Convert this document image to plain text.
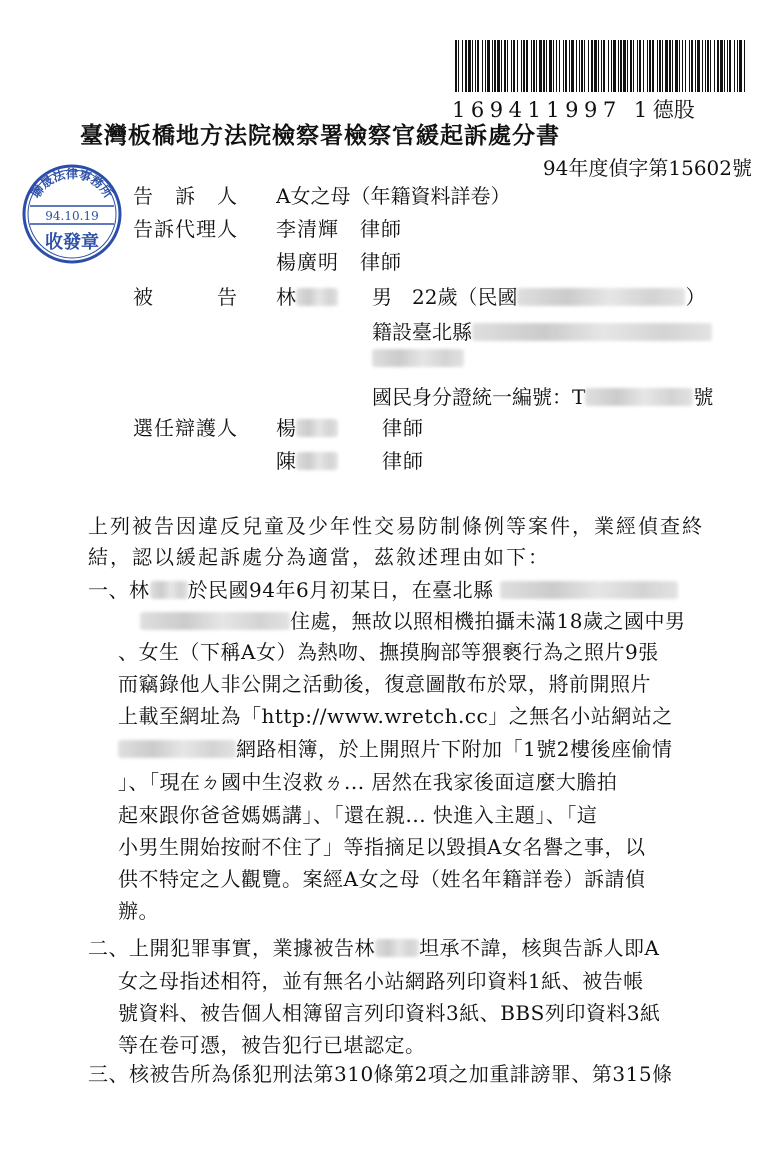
169411997 1德股
臺灣板橋地方法院檢察署檢察官緩起訴處分書
94年度偵字第15602號
聯晟法律事務所
94.10.19
收發章
告　訴　人 A女之母（年籍資料詳卷）
告訴代理人 李清輝　律師
楊廣明　律師
被　　　告 林	男　22歲（民國	）
籍設臺北縣
國民身分證統一編號：T	號
選任辯護人 楊	律師
陳	律師
上列被告因違反兒童及少年性交易防制條例等案件，業經偵查終
結，認以緩起訴處分為適當，茲敘述理由如下：
一、林 於民國94年6月初某日，在臺北縣
住處，無故以照相機拍攝未滿18歲之國中男
、女生（下稱A女）為熱吻、撫摸胸部等猥褻行為之照片9張
而竊錄他人非公開之活動後，復意圖散布於眾，將前開照片
上載至網址為「http://www.wretch.cc」之無名小站網站之
網路相簿，於上開照片下附加「1號2樓後座偷情
」、「現在ㄉ國中生沒救ㄌ... 居然在我家後面這麼大膽拍
起來跟你爸爸媽媽講」、「還在親... 快進入主題」、「這
小男生開始按耐不住了」等指摘足以毀損A女名譽之事，以
供不特定之人觀覽。案經A女之母（姓名年籍詳卷）訴請偵
辦。
二、上開犯罪事實，業據被告林 坦承不諱，核與告訴人即A
女之母指述相符，並有無名小站網路列印資料1紙、被告帳
號資料、被告個人相簿留言列印資料3紙、BBS列印資料3紙
等在卷可憑，被告犯行已堪認定。
三、核被告所為係犯刑法第310條第2項之加重誹謗罪、第315條
